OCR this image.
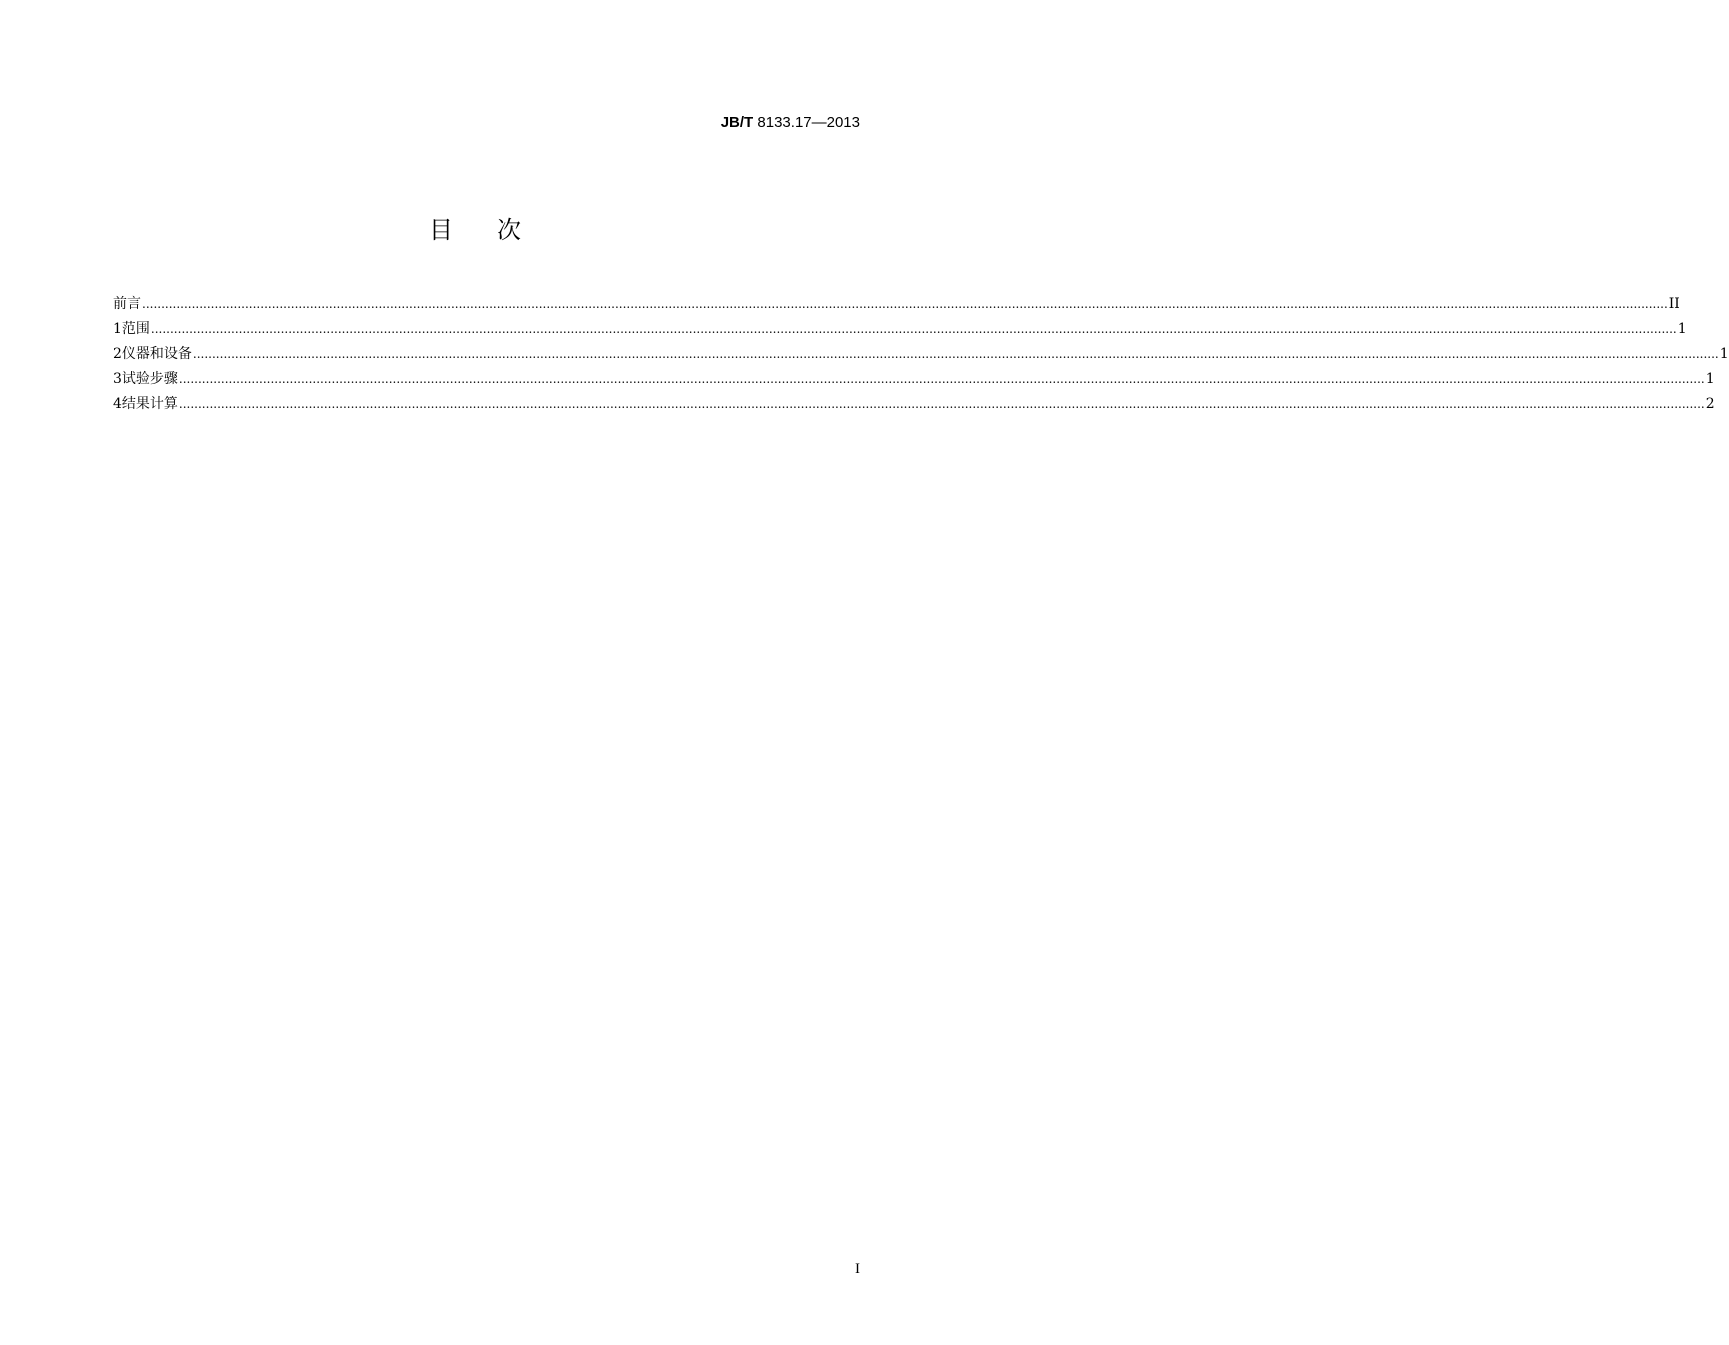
JB/T 8133.17—2013
目次
前言 ................................................................................................................................................................................................................................................................................................................................................................................................................ II
1 范围 ................................................................................................................................................................................................................................................................................................................................................................................................................ 1
2 仪器和设备 ................................................................................................................................................................................................................................................................................................................................................................................................................ 1
3 试验步骤 ................................................................................................................................................................................................................................................................................................................................................................................................................ 1
4 结果计算 ................................................................................................................................................................................................................................................................................................................................................................................................................ 2
I
